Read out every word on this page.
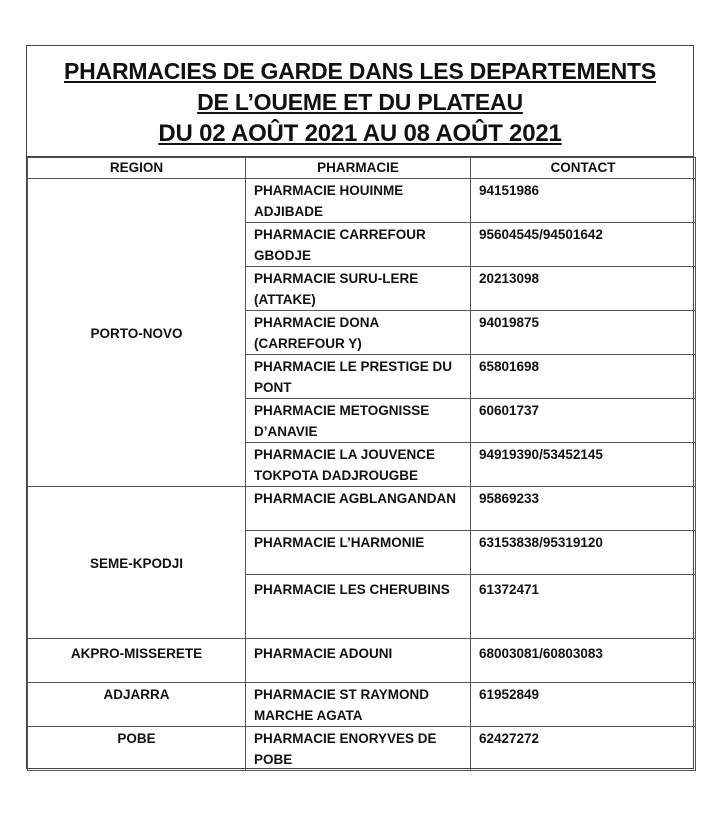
PHARMACIES DE GARDE DANS LES DEPARTEMENTS
DE L’OUEME ET DU PLATEAU
DU 02 AOÛT 2021 AU 08 AOÛT 2021
REGION	PHARMACIE	CONTACT
PORTO-NOVO	PHARMACIE HOUINME ADJIBADE	94151986
	PHARMACIE CARREFOUR GBODJE	95604545/94501642
	PHARMACIE SURU-LERE (ATTAKE)	20213098
	PHARMACIE DONA (CARREFOUR Y)	94019875
	PHARMACIE LE PRESTIGE DU PONT	65801698
	PHARMACIE METOGNISSE D’ANAVIE	60601737
	PHARMACIE LA JOUVENCE TOKPOTA DADJROUGBE	94919390/53452145
SEME-KPODJI	PHARMACIE AGBLANGANDAN	95869233
	PHARMACIE L’HARMONIE	63153838/95319120
	PHARMACIE LES CHERUBINS	61372471
AKPRO-MISSERETE	PHARMACIE ADOUNI	68003081/60803083
ADJARRA	PHARMACIE ST RAYMOND MARCHE AGATA	61952849
POBE	PHARMACIE ENORYVES DE POBE	62427272
